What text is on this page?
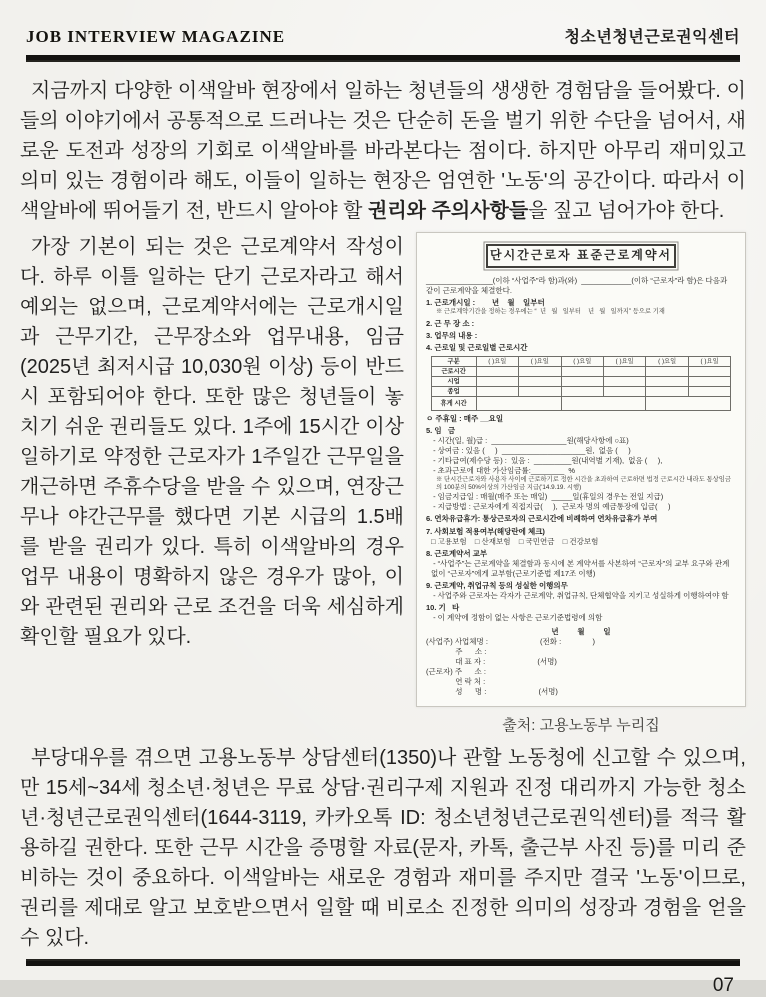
JOB INTERVIEW MAGAZINE	청소년청년근로권익센터

지금까지 다양한 이색알바 현장에서 일하는 청년들의 생생한 경험담을 들어봤다. 이들의 이야기에서 공통적으로 드러나는 것은 단순히 돈을 벌기 위한 수단을 넘어서, 새로운 도전과 성장의 기회로 이색알바를 바라본다는 점이다. 하지만 아무리 재미있고 의미 있는 경험이라 해도, 이들이 일하는 현장은 엄연한 '노동'의 공간이다. 따라서 이색알바에 뛰어들기 전, 반드시 알아야 할 권리와 주의사항들을 짚고 넘어가야 한다.

가장 기본이 되는 것은 근로계약서 작성이다. 하루 이틀 일하는 단기 근로자라고 해서 예외는 없으며, 근로계약서에는 근로개시일과 근무기간, 근무장소와 업무내용, 임금(2025년 최저시급 10,030원 이상) 등이 반드시 포함되어야 한다. 또한 많은 청년들이 놓치기 쉬운 권리들도 있다. 1주에 15시간 이상 일하기로 약정한 근로자가 1주일간 근무일을 개근하면 주휴수당을 받을 수 있으며, 연장근무나 야간근무를 했다면 기본 시급의 1.5배를 받을 권리가 있다. 특히 이색알바의 경우 업무 내용이 명확하지 않은 경우가 많아, 이와 관련된 권리와 근로 조건을 더욱 세심하게 확인할 필요가 있다.

단시간근로자 표준근로계약서
________________(이하 “사업주”라 함)과(와)  ____________(이하 “근로자”라 함)은 다음과 같이 근로계약을 체결한다.
1. 근로개시일 :        년    월    일부터
※ 근로계약기간을 정하는 경우에는 “  년   월   일부터    년   월   일까지” 등으로 기재
2. 근 무 장 소 :
3. 업무의 내용 :
4. 근로일 및 근로일별 근로시간
구분	( )요일	( )요일	( )요일	( )요일	( )요일	( )요일
근로시간						
시업						
종업						
휴게 시간						
ㅇ 주휴일 : 매주 __요일
5. 임   금
- 시간(일, 월)급 :  __________________원(해당사항에 ○표)
- 상여금 : 있음 (     )  ____________________원,  없음 (     )
- 기타급여(제수당 등) :  있음 :  _________원(내역별 기재),  없음 (     ),
- 초과근로에 대한 가산임금률:________  %
※ 단시간근로자와 사용자 사이에 근로하기로 정한 시간을 초과하여 근로하면 법정 근로시간 내라도 통상임금의 100분의 50%이상의 가산임금 지급('14.9.19. 시행)
- 임금지급일 : 매월(매주 또는 매일)  _____일(휴일의 경우는 전일 지급)
- 지급방법 : 근로자에게 직접지급(     ),  근로자 명의 예금통장에 입금(     )
6. 연차유급휴가: 통상근로자의 근로시간에 비례하여 연차유급휴가 부여
7. 사회보험 적용여부(해당란에 체크)
□ 고용보험    □ 산재보험    □ 국민연금    □ 건강보험
8. 근로계약서 교부
- “사업주”는 근로계약을 체결함과 동시에 본 계약서를 사본하여 “근로자”의 교부 요구와 관계없이 “근로자”에게 교부함(근로기준법 제17조 이행)
9. 근로계약, 취업규칙 등의 성실한 이행의무
- 사업주와 근로자는 각자가 근로계약, 취업규칙, 단체협약을 지키고 성실하게 이행하여야 함
10. 기   타
- 이 계약에 정함이 없는 사항은 근로기준법령에 의함
년         월         일
(사업주) 사업체명 :                         (전화 :               )
주      소 :
대 표 자 :                         (서명)
(근로자) 주      소 :
연 락 처 :
성      명 :                         (서명)
출처: 고용노동부 누리집

부당대우를 겪으면 고용노동부 상담센터(1350)나 관할 노동청에 신고할 수 있으며, 만 15세~34세 청소년·청년은 무료 상담·권리구제 지원과 진정 대리까지 가능한 청소년·청년근로권익센터(1644-3119, 카카오톡 ID: 청소년청년근로권익센터)를 적극 활용하길 권한다. 또한 근무 시간을 증명할 자료(문자, 카톡, 출근부 사진 등)를 미리 준비하는 것이 중요하다. 이색알바는 새로운 경험과 재미를 주지만 결국 '노동'이므로, 권리를 제대로 알고 보호받으면서 일할 때 비로소 진정한 의미의 성장과 경험을 얻을 수 있다.

07
